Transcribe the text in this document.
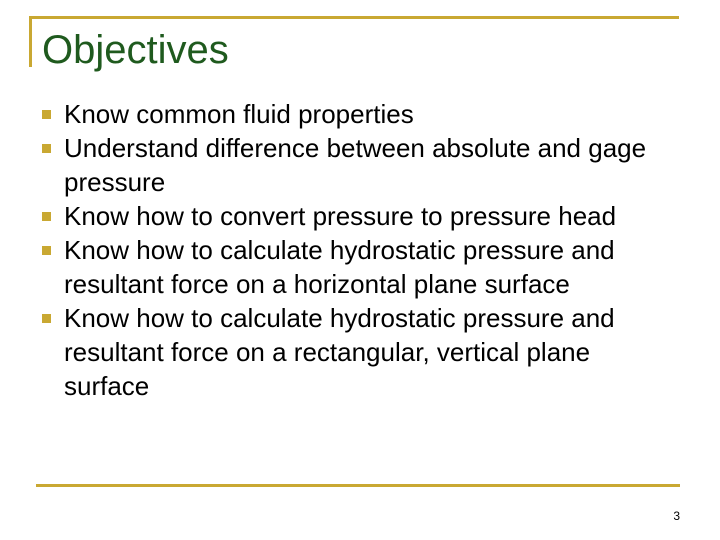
Objectives
Know common fluid properties
Understand difference between absolute and gage pressure
Know how to convert pressure to pressure head
Know how to calculate hydrostatic pressure and resultant force on a horizontal plane surface
Know how to calculate hydrostatic pressure and resultant force on a rectangular, vertical plane surface
3
